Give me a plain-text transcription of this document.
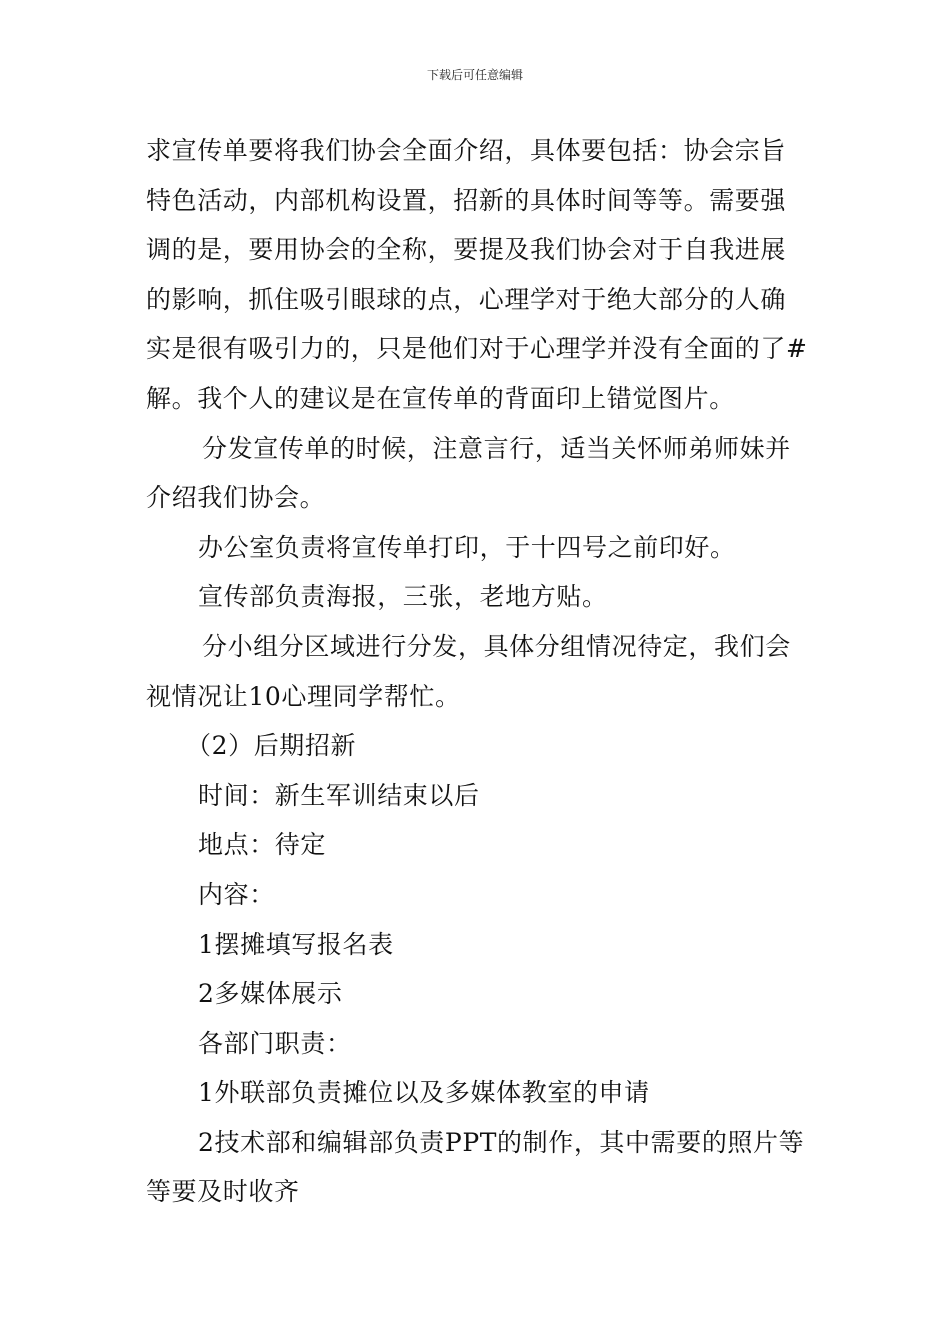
下载后可任意编辑

求宣传单要将我们协会全面介绍，具体要包括：协会宗旨
特色活动，内部机构设置，招新的具体时间等等。需要强
调的是，要用协会的全称，要提及我们协会对于自我进展
的影响，抓住吸引眼球的点，心理学对于绝大部分的人确
实是很有吸引力的，只是他们对于心理学并没有全面的了#
解。我个人的建议是在宣传单的背面印上错觉图片。

分发宣传单的时候，注意言行，适当关怀师弟师妹并
介绍我们协会。

办公室负责将宣传单打印，于十四号之前印好。

宣传部负责海报，三张，老地方贴。

分小组分区域进行分发，具体分组情况待定，我们会
视情况让10心理同学帮忙。

（2）后期招新

时间：新生军训结束以后

地点：待定

内容：

1摆摊填写报名表

2多媒体展示

各部门职责：

1外联部负责摊位以及多媒体教室的申请

2技术部和编辑部负责PPT的制作，其中需要的照片等
等要及时收齐
